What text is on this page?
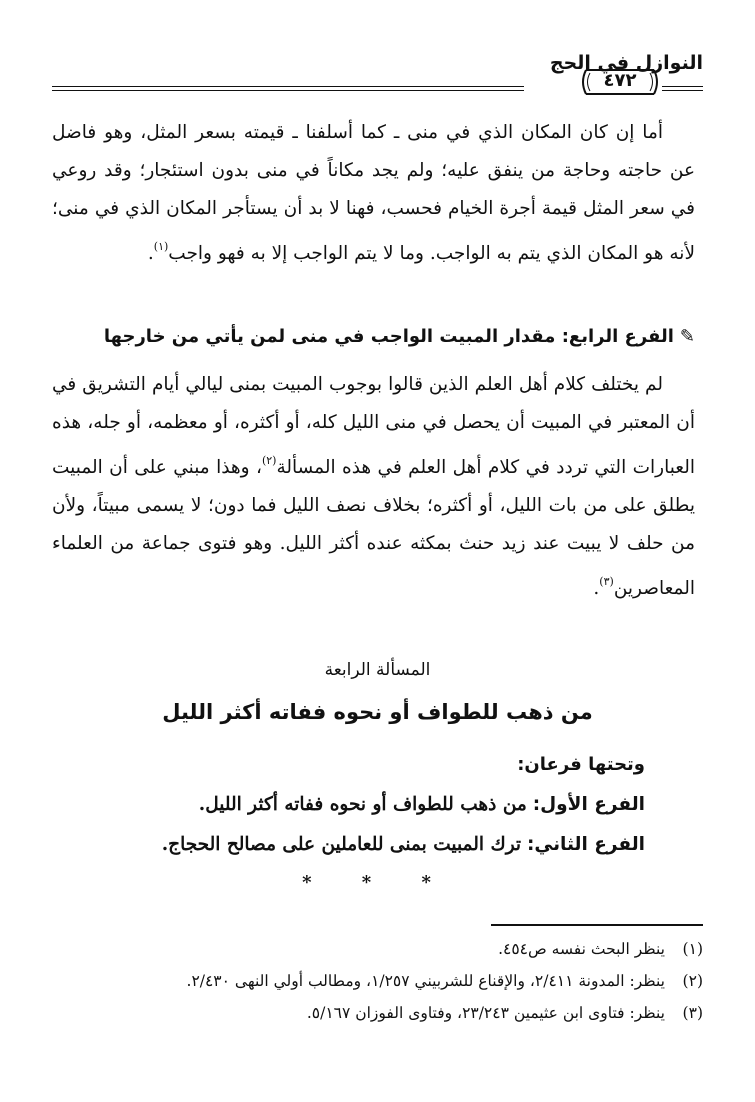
النوازل في الحج
٤٧٢
أما إن كان المكان الذي في منى ـ كما أسلفنا ـ قيمته بسعر المثل، وهو فاضل عن حاجته وحاجة من ينفق عليه؛ ولم يجد مكاناً في منى بدون استئجار؛ وقد روعي في سعر المثل قيمة أجرة الخيام فحسب، فهنا لا بد أن يستأجر المكان الذي في منى؛ لأنه هو المكان الذي يتم به الواجب. وما لا يتم الواجب إلا به فهو واجب$^{(١)}$.
✎الفرع الرابع: مقدار المبيت الواجب في منى لمن يأتي من خارجها
لم يختلف كلام أهل العلم الذين قالوا بوجوب المبيت بمنى ليالي أيام التشريق في أن المعتبر في المبيت أن يحصل في منى الليل كله، أو أكثره، أو معظمه، أو جله، هذه العبارات التي تردد في كلام أهل العلم في هذه المسألة$^{(٢)}$، وهذا مبني على أن المبيت يطلق على من بات الليل، أو أكثره؛ بخلاف نصف الليل فما دون؛ لا يسمى مبيتاً، ولأن من حلف لا يبيت عند زيد حنث بمكثه عنده أكثر الليل. وهو فتوى جماعة من العلماء المعاصرين$^{(٣)}$.
المسألة الرابعة
من ذهب للطواف أو نحوه ففاته أكثر الليل
وتحتها فرعان:
الفرع الأول: من ذهب للطواف أو نحوه ففاته أكثر الليل.
الفرع الثاني: ترك المبيت بمنى للعاملين على مصالح الحجاج.
* * *
(١)ينظر البحث نفسه ص٤٥٤.
(٢)ينظر: المدونة ٢/٤١١، والإقناع للشربيني ١/٢٥٧، ومطالب أولي النهى ٢/٤٣٠.
(٣)ينظر: فتاوى ابن عثيمين ٢٣/٢٤٣، وفتاوى الفوزان ٥/١٦٧.
